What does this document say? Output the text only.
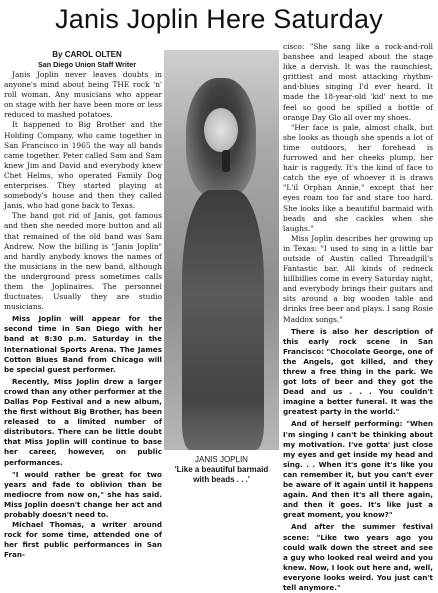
Janis Joplin Here Saturday

By CAROL OLTEN

San Diego Union Staff Writer

Janis Joplin never leaves doubts in anyone's mind about being THE rock 'n' roll woman. Any musicians who appear on stage with her have been more or less reduced to mashed potatoes.

It happened to Big Brother and the Holding Company, who came together in San Francisco in 1965 the way all bands came together. Peter called Sam and Sam knew Jim and David and everybody knew Chet Helms, who operated Family Dog enterprises. They started playing at somebody's house and then they called Janis, who had gone back to Texas.

The band got rid of Janis, got famous and then she needed more button and all that remained of the old band was Sam Andrew. Now the billing is "Janis Joplin" and hardly anybody knows the names of the musicians in the new band, although the underground press sometimes calls them the Joplinaires. The personnel fluctuates. Usually they are studio musicians.

Miss Joplin will appear for the second time in San Diego with her band at 8:30 p.m. Saturday in the International Sports Arena. The James Cotton Blues Band from Chicago will be special guest performer.

Recently, Miss Joplin drew a larger crowd than any other performer at the Dallas Pop Festival and a new album, the first without Big Brother, has been released to a limited number of distributors. There can be little doubt that Miss Joplin will continue to base her career, however, on public performances.

"I would rather be great for two years and fade to oblivion than be mediocre from now on," she has said. Miss Joplin doesn't change her act and probably doesn't need to.

Michael Thomas, a writer around rock for some time, attended one of her first public performances in San Fran-

JANIS JOPLIN
'Like a beautiful barmaid
with beads . . .'

cisco: "She sang like a rock-and-roll banshee and leaped about the stage like a dervish. It was the raunchiest, grittiest and most attacking rhythm-and-blues singing I'd ever heard. It made the 18-year-old 'kid' next to me feel so good he spilled a bottle of orange Day Glo all over my shoes.

"Her face is pale, almost chalk, but she looks as though she spends a lot of time outdoors, her forehead is furrowed and her cheeks plump, her hair is raggedy. It's the kind of face to catch the eye of whoever it is draws "L'il Orphan Annie," except that her eyes roam too far and stare too hard. She looks like a beautiful barmaid with beads and she cackles when she laughs."

Miss Joplin describes her growing up in Texas: "I used to sing in a little bar outside of Austin called Threadgill's Fantastic bar. All kinds of redneck hillbillies come in every Saturday night, and everybody brings their guitars and sits around a big wooden table and drinks free beer and plays. I sang Rosie Maddox songs."

There is also her description of this early rock scene in San Francisco: "Chocolate George, one of the Angels, got killed, and they threw a free thing in the park. We got lots of beer and they got the Dead and us . . . You couldn't imagine a better funeral. It was the greatest party in the world."

And of herself performing: "When I'm singing I can't be thinking about my motivation. I've gotta' just close my eyes and get inside my head and sing. . . When it's gone it's like you can remember it, but you can't ever be aware of it again until it happens again. And then it's all there again, and then it goes. It's like just a great moment, you know?"

And after the summer festival scene: "Like two years ago you could walk down the street and see a guy who looked real weird and you knew. Now, I look out here and, well, everyone looks weird. You just can't tell anymore."
